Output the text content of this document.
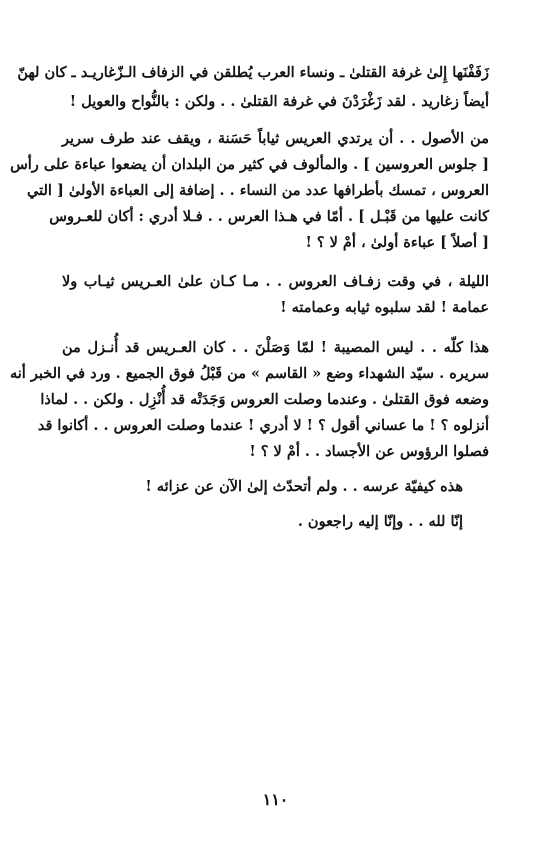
زَفَفْنَها إِلىٰ غرفة القتلىٰ ـ ونساء العرب يُطلقن في الزفاف الـزّغاريـد ـ كان لهنّ
أيضاً زغاريد . لقد زَغْرَدْنَ في غرفة القتلىٰ . . ولكن : بالنُّواح والعويل !
من الأصول . . أن يرتدي العريس ثياباً حَسَنة ، ويقف عند طرف سرير
[ جلوس العروسين ] . والمألوف في كثير من البلدان أن يضعوا عباءة على رأس
العروس ، تمسك بأطرافها عدد من النساء . . إضافة إلى العباءة الأولىٰ [ التي
كانت عليها من قَبْـل ] . أمّا في هـذا العرس . . فـلا أدري : أكان للعـروس
[ أصلاً ] عباءة أولىٰ ، أمْ لا ؟ !
الليلة ، في وقت زفـاف العروس . . مـا كـان علىٰ العـريس ثيـاب ولا
عمامة ! لقد سلبوه ثيابه وعمامته !
هذا كلّه . . ليس المصيبة ! لمّا وَصَلْنَ . . كان العـريس قد أُنـزل من
سريره . سيّد الشهداء وضع « القاسم » من قَبْلُ فوق الجميع . ورد في الخبر أنه
وضعه فوق القتلىٰ . وعندما وصلت العروس وَجَدَتْه قد أُنْزِل . ولكن . . لماذا
أنزلوه ؟ ! ما عساني أقول ؟ ! لا أدري ! عندما وصلت العروس . . أكانوا قد
فصلوا الرؤوس عن الأجساد . . أمْ لا ؟ !
هذه كيفيّة عرسه . . ولم أتحدّث إلىٰ الآن عن عزائه !
إنّا لله . . وإنّا إليه راجعون .
١١٠
